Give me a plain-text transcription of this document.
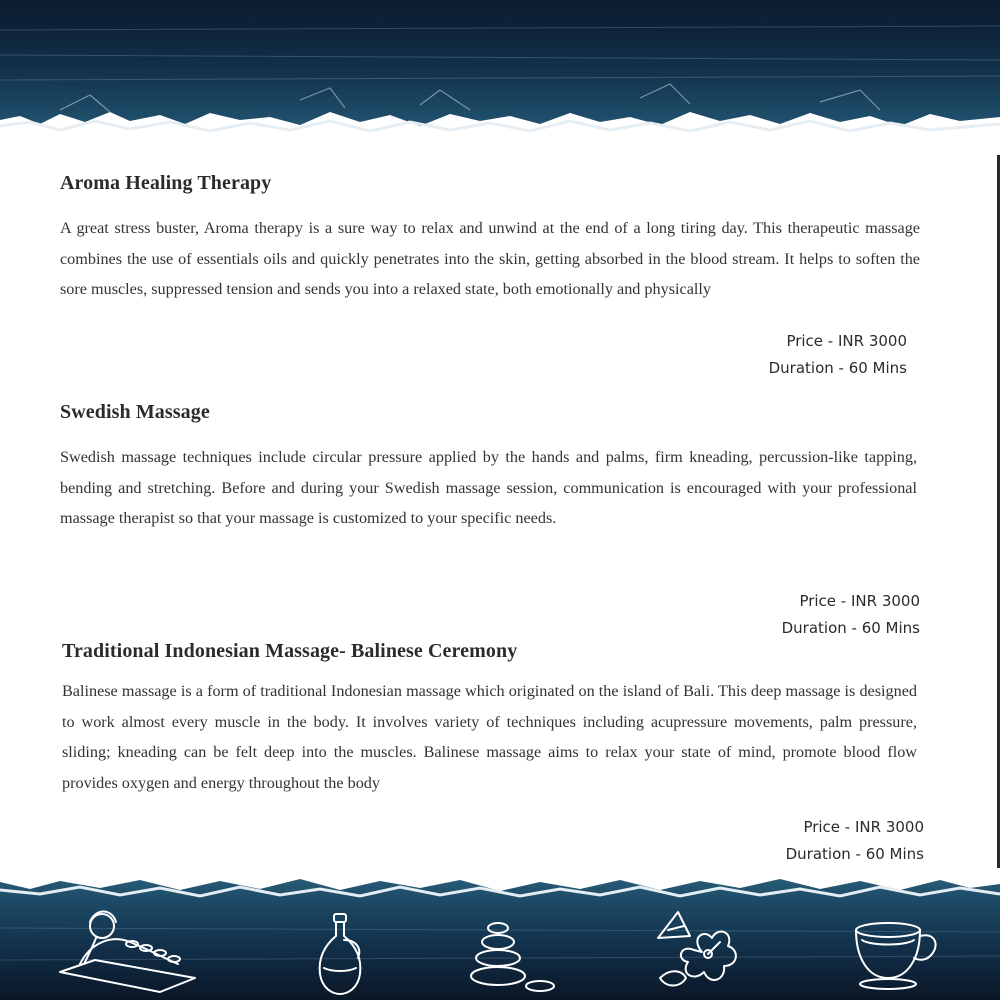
Aroma Healing Therapy

A great stress buster, Aroma therapy is a sure way to relax and unwind at the end of a long tiring day. This therapeutic massage combines the use of essentials oils and quickly penetrates into the skin, getting absorbed in the blood stream. It helps to soften the sore muscles, suppressed tension and sends you into a relaxed state, both emotionally and physically

Price - INR 3000
Duration - 60 Mins
Swedish Massage

Swedish massage techniques include circular pressure applied by the hands and palms, firm kneading, percussion-like tapping, bending and stretching. Before and during your Swedish massage session, communication is encouraged with your professional massage therapist so that your massage is customized to your specific needs.

Price - INR 3000
Duration - 60 Mins
Traditional Indonesian Massage- Balinese Ceremony

Balinese massage is a form of traditional Indonesian massage which originated on the island of Bali. This deep massage is designed to work almost every muscle in the body. It involves variety of techniques including acupressure movements, palm pressure, sliding; kneading can be felt deep into the muscles. Balinese massage aims to relax your state of mind, promote blood flow provides oxygen and energy throughout the body

Price - INR 3000
Duration - 60 Mins
